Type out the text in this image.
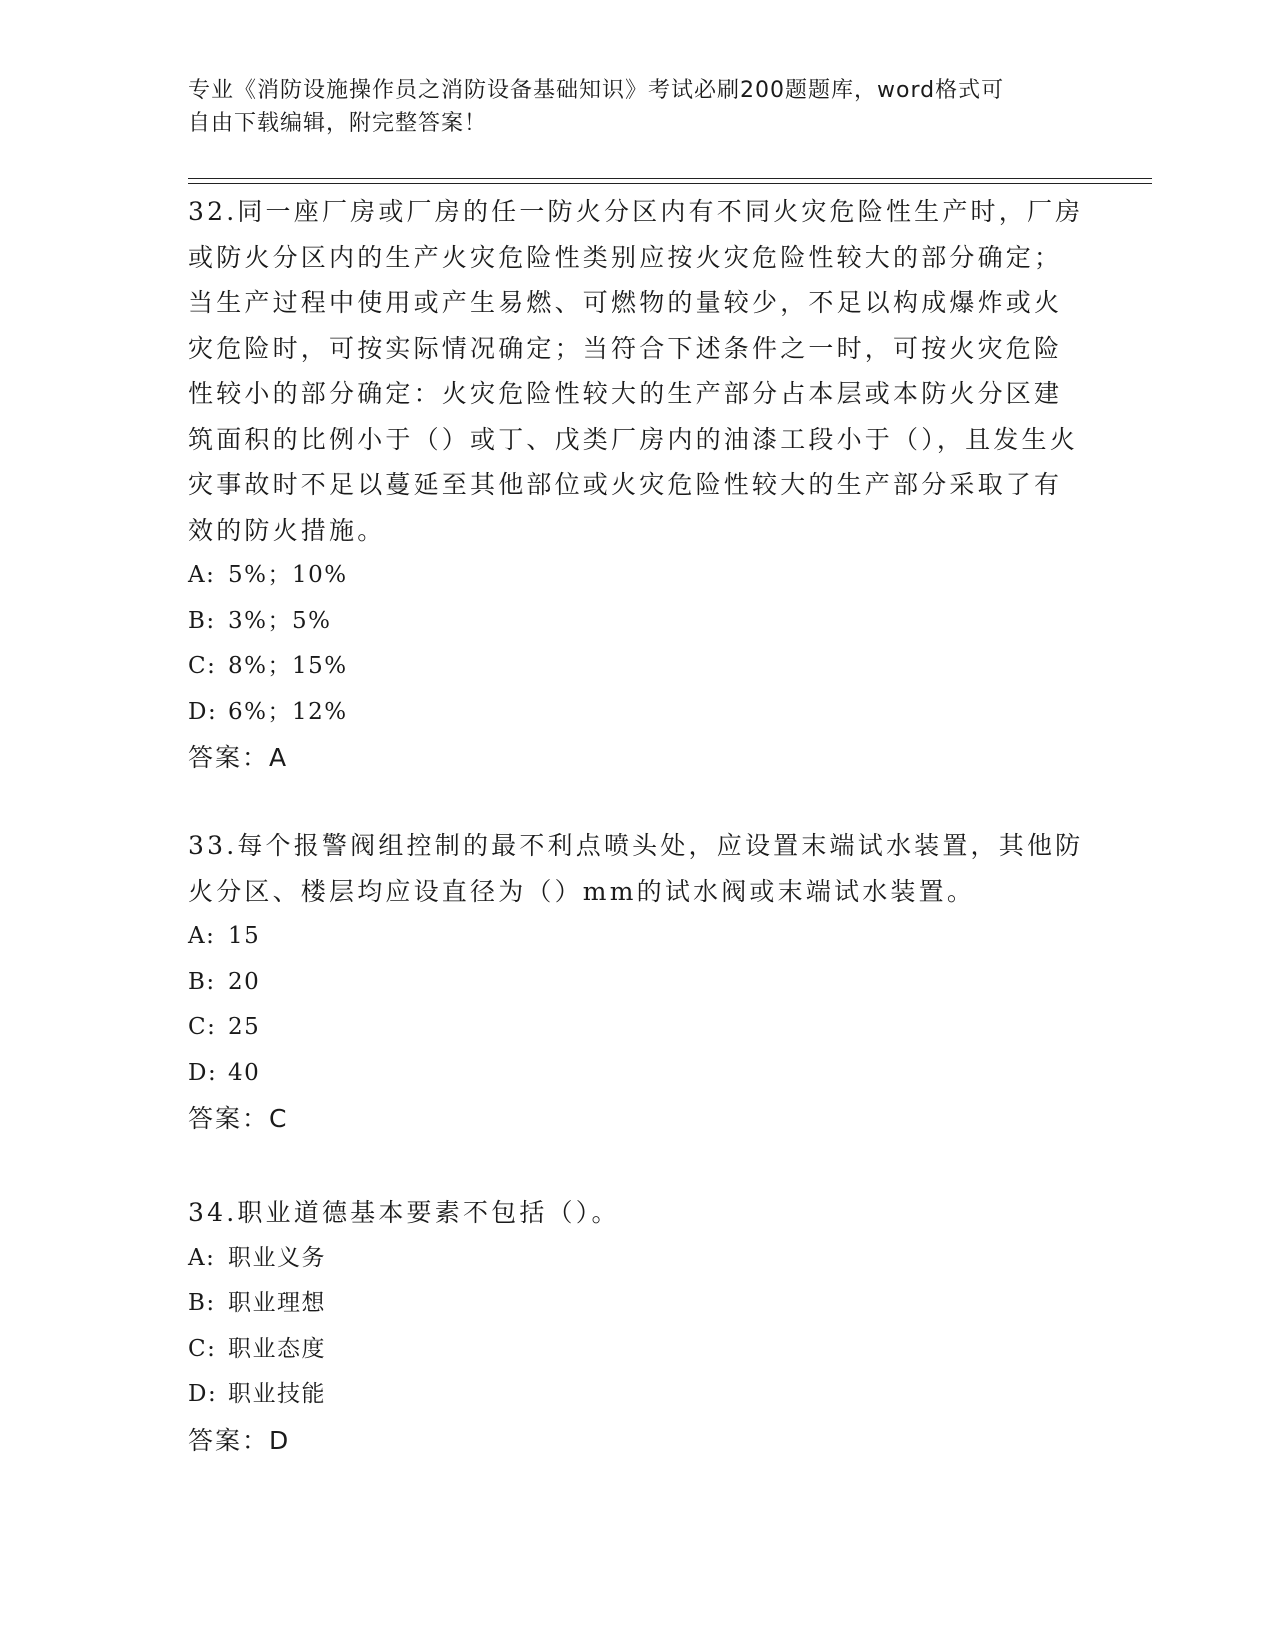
专业《消防设施操作员之消防设备基础知识》考试必刷200题题库，word格式可
自由下载编辑，附完整答案！

32.同一座厂房或厂房的任一防火分区内有不同火灾危险性生产时，厂房或防火分区内的生产火灾危险性类别应按火灾危险性较大的部分确定；当生产过程中使用或产生易燃、可燃物的量较少，不足以构成爆炸或火灾危险时，可按实际情况确定；当符合下述条件之一时，可按火灾危险性较小的部分确定：火灾危险性较大的生产部分占本层或本防火分区建筑面积的比例小于（）或丁、戊类厂房内的油漆工段小于（），且发生火灾事故时不足以蔓延至其他部位或火灾危险性较大的生产部分采取了有效的防火措施。

A: 5%；10%

B: 3%；5%

C: 8%；15%

D: 6%；12%

答案：A

33.每个报警阀组控制的最不利点喷头处，应设置末端试水装置，其他防火分区、楼层均应设直径为（）mm的试水阀或末端试水装置。

A: 15

B: 20

C: 25

D: 40

答案：C

34.职业道德基本要素不包括（）。

A: 职业义务

B: 职业理想

C: 职业态度

D: 职业技能

答案：D
